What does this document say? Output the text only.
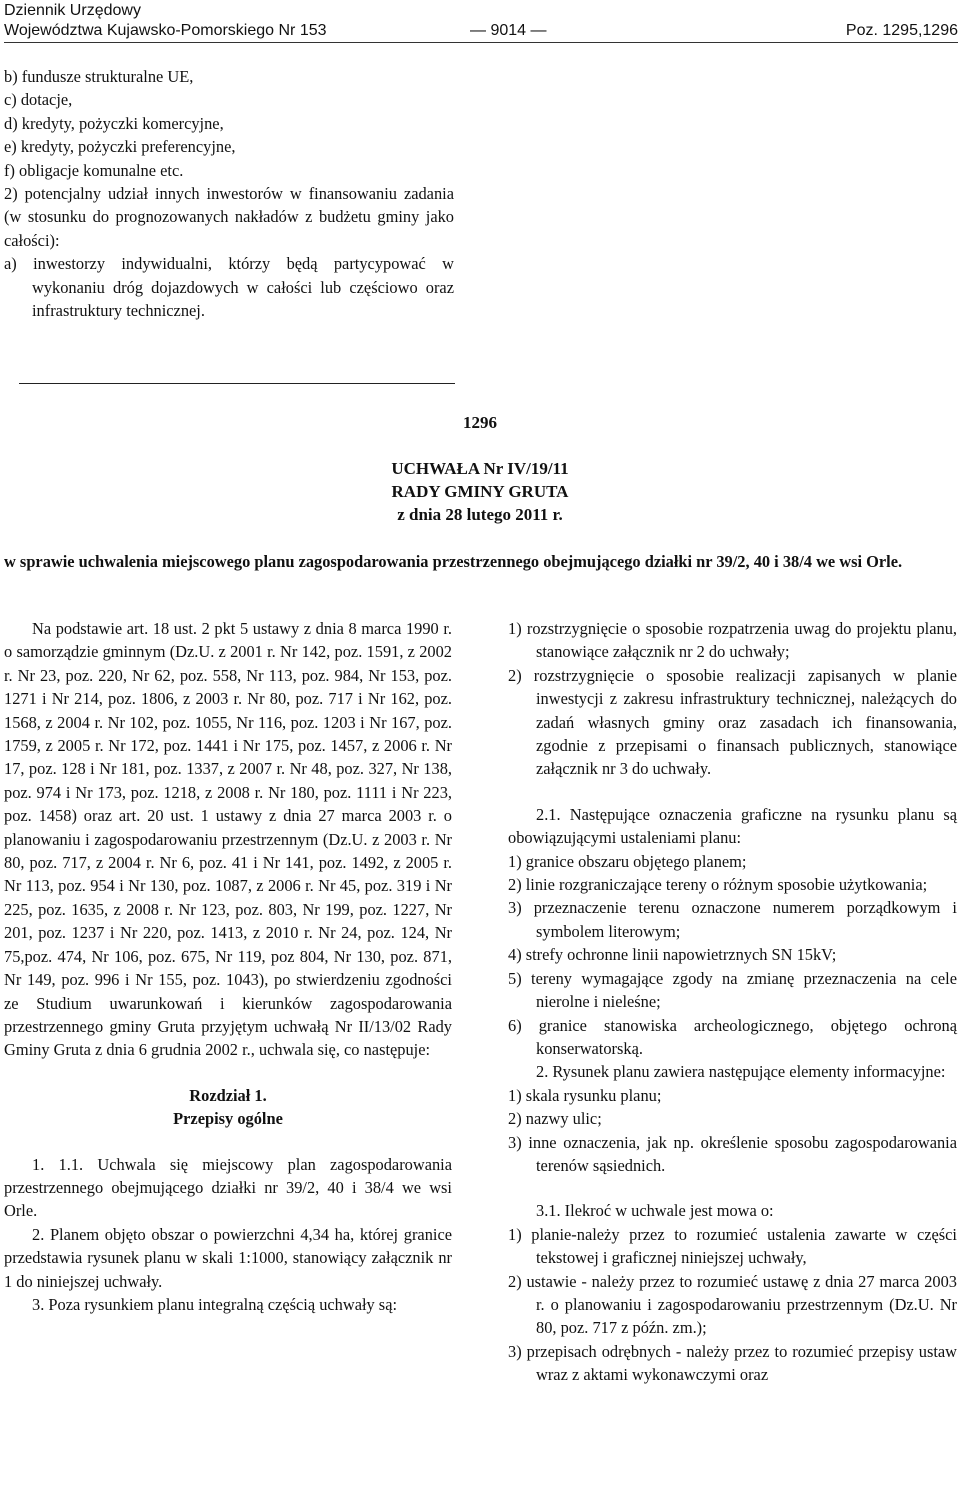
Dziennik Urzędowy
Województwa Kujawsko-Pomorskiego Nr 153	— 9014 —	Poz. 1295,1296

b) fundusze strukturalne UE,

c) dotacje,

d) kredyty, pożyczki komercyjne,

e) kredyty, pożyczki preferencyjne,

f) obligacje komunalne etc.

2) potencjalny udział innych inwestorów w finansowaniu zadania (w stosunku do prognozowanych nakładów z budżetu gminy jako całości):

a) inwestorzy indywidualni, którzy będą partycypować w wykonaniu dróg dojazdowych w całości lub częściowo oraz infrastruktury technicznej.

1296
UCHWAŁA Nr IV/19/11
RADY GMINY GRUTA
z dnia 28 lutego 2011 r.
w sprawie uchwalenia miejscowego planu zagospodarowania przestrzennego obejmującego działki nr 39/2, 40 i 38/4 we wsi Orle.

Na podstawie art. 18 ust. 2 pkt 5 ustawy z dnia 8 marca 1990 r. o samorządzie gminnym (Dz.U. z 2001 r. Nr 142, poz. 1591, z 2002 r. Nr 23, poz. 220, Nr 62, poz. 558, Nr 113, poz. 984, Nr 153, poz. 1271 i Nr 214, poz. 1806, z 2003 r. Nr 80, poz. 717 i Nr 162, poz. 1568, z 2004 r. Nr 102, poz. 1055, Nr 116, poz. 1203 i Nr 167, poz. 1759, z 2005 r. Nr 172, poz. 1441 i Nr 175, poz. 1457, z 2006 r. Nr 17, poz. 128 i Nr 181, poz. 1337, z 2007 r. Nr 48, poz. 327, Nr 138, poz. 974 i Nr 173, poz. 1218, z 2008 r. Nr 180, poz. 1111 i Nr 223, poz. 1458) oraz art. 20 ust. 1 ustawy z dnia 27 marca 2003 r. o planowaniu i zagospodarowaniu przestrzennym (Dz.U. z 2003 r. Nr 80, poz. 717, z 2004 r. Nr 6, poz. 41 i Nr 141, poz. 1492, z 2005 r. Nr 113, poz. 954 i Nr 130, poz. 1087, z 2006 r. Nr 45, poz. 319 i Nr 225, poz. 1635, z 2008 r. Nr 123, poz. 803, Nr 199, poz. 1227, Nr 201, poz. 1237 i Nr 220, poz. 1413, z 2010 r. Nr 24, poz. 124, Nr 75,poz. 474, Nr 106, poz. 675, Nr 119, poz 804, Nr 130, poz. 871, Nr 149, poz. 996 i Nr 155, poz. 1043), po stwierdzeniu zgodności ze Studium uwarunkowań i kierunków zagospodarowania przestrzennego gminy Gruta przyjętym uchwałą Nr II/13/02 Rady Gminy Gruta z dnia 6 grudnia 2002 r., uchwala się, co następuje:

Rozdział 1.

Przepisy ogólne

1. 1.1. Uchwala się miejscowy plan zagospodarowania przestrzennego obejmującego działki nr 39/2, 40 i 38/4 we wsi Orle.

2. Planem objęto obszar o powierzchni 4,34 ha, której granice przedstawia rysunek planu w skali 1:1000, stanowiący załącznik nr 1 do niniejszej uchwały.

3. Poza rysunkiem planu integralną częścią uchwały są:

1) rozstrzygnięcie o sposobie rozpatrzenia uwag do projektu planu, stanowiące załącznik nr 2 do uchwały;

2) rozstrzygnięcie o sposobie realizacji zapisanych w planie inwestycji z zakresu infrastruktury technicznej, należących do zadań własnych gminy oraz zasadach ich finansowania, zgodnie z przepisami o finansach publicznych, stanowiące załącznik nr 3 do uchwały.

2.1. Następujące oznaczenia graficzne na rysunku planu są obowiązującymi ustaleniami planu:

1) granice obszaru objętego planem;

2) linie rozgraniczające tereny o różnym sposobie użytkowania;

3) przeznaczenie terenu oznaczone numerem porządkowym i symbolem literowym;

4) strefy ochronne linii napowietrznych SN 15kV;

5) tereny wymagające zgody na zmianę przeznaczenia na cele nierolne i nieleśne;

6) granice stanowiska archeologicznego, objętego ochroną konserwatorską.

2. Rysunek planu zawiera następujące elementy informacyjne:

1) skala rysunku planu;

2) nazwy ulic;

3) inne oznaczenia, jak np. określenie sposobu zagospodarowania terenów sąsiednich.

3.1. Ilekroć w uchwale jest mowa o:

1) planie-należy przez to rozumieć ustalenia zawarte w części tekstowej i graficznej niniejszej uchwały,

2) ustawie - należy przez to rozumieć ustawę z dnia 27 marca 2003 r. o planowaniu i zagospodarowaniu przestrzennym (Dz.U. Nr 80, poz. 717 z późn. zm.);

3) przepisach odrębnych - należy przez to rozumieć przepisy ustaw wraz z aktami wykonawczymi oraz
